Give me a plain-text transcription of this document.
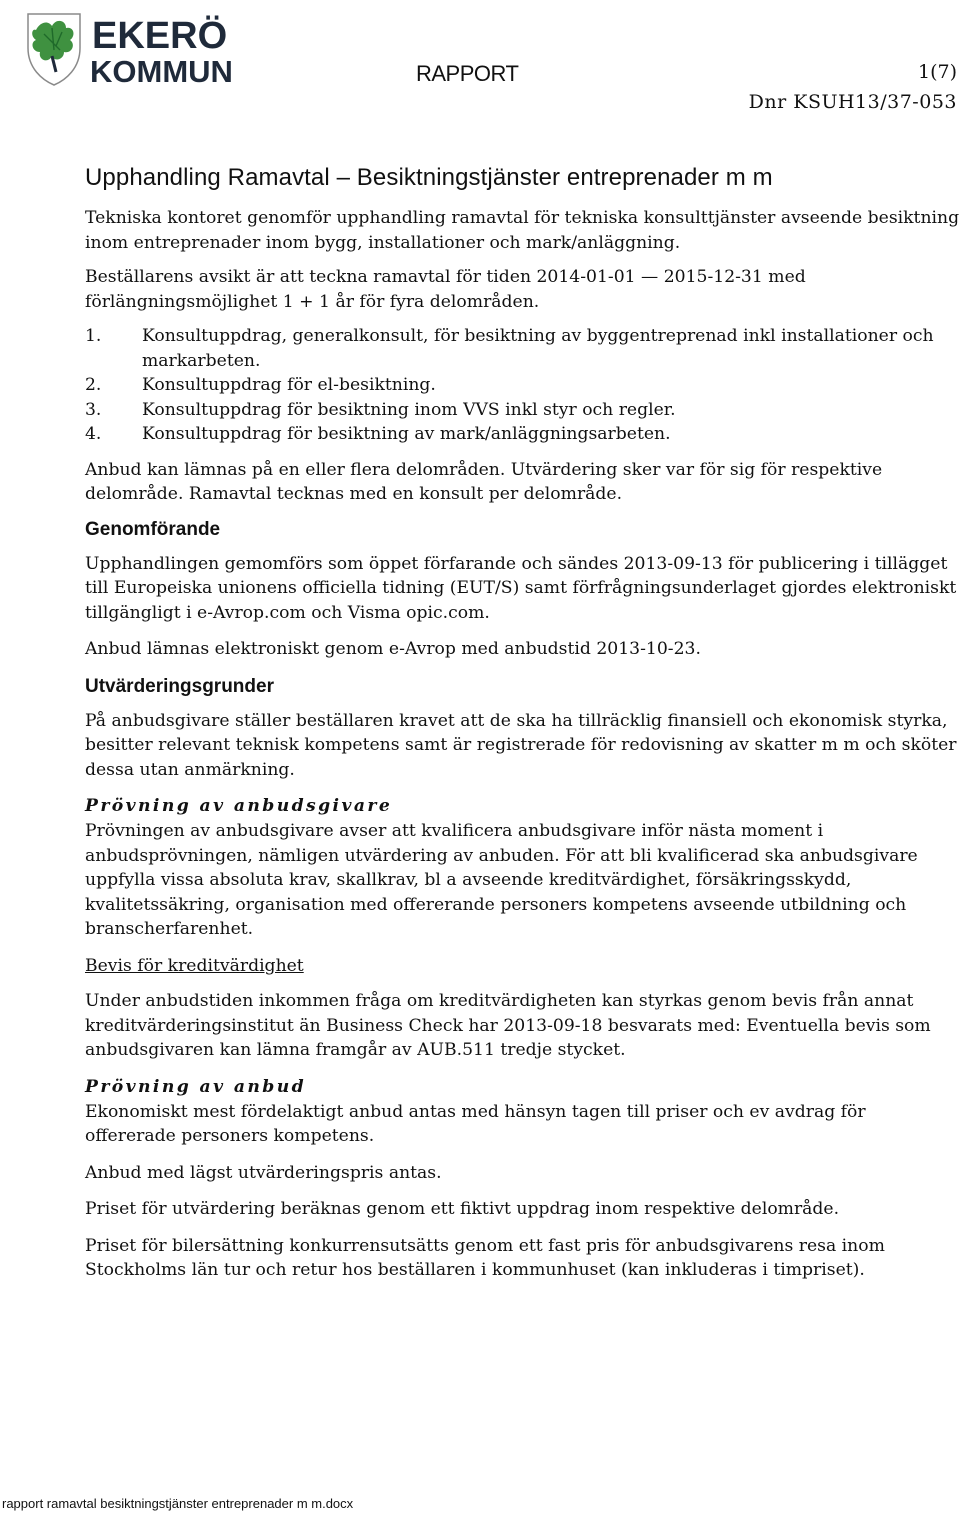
EKERÖ
KOMMUN	RAPPORT	1(7)
Dnr KSUH13/37-053
Upphandling Ramavtal – Besiktningstjänster entreprenader m m

Tekniska kontoret genomför upphandling ramavtal för tekniska konsulttjänster avseende besiktning inom entreprenader inom bygg, installationer och mark/anläggning.

Beställarens avsikt är att teckna ramavtal för tiden 2014-01-01 — 2015-12-31 med förlängningsmöjlighet 1 + 1 år för fyra delområden.

1. Konsultuppdrag, generalkonsult, för besiktning av byggentreprenad inkl installationer och markarbeten.
2. Konsultuppdrag för el-besiktning.
3. Konsultuppdrag för besiktning inom VVS inkl styr och regler.
4. Konsultuppdrag för besiktning av mark/anläggningsarbeten.

Anbud kan lämnas på en eller flera delområden. Utvärdering sker var för sig för respektive delområde. Ramavtal tecknas med en konsult per delområde.

Genomförande

Upphandlingen gemomförs som öppet förfarande och sändes 2013-09-13 för publicering i tillägget till Europeiska unionens officiella tidning (EUT/S) samt förfrågningsunderlaget gjordes elektroniskt tillgängligt i e-Avrop.com och Visma opic.com.

Anbud lämnas elektroniskt genom e-Avrop med anbudstid 2013-10-23.

Utvärderingsgrunder

På anbudsgivare ställer beställaren kravet att de ska ha tillräcklig finansiell och ekonomisk styrka, besitter relevant teknisk kompetens samt är registrerade för redovisning av skatter m m och sköter dessa utan anmärkning.

Prövning av anbudsgivare

Prövningen av anbudsgivare avser att kvalificera anbudsgivare inför nästa moment i anbudsprövningen, nämligen utvärdering av anbuden. För att bli kvalificerad ska anbudsgivare uppfylla vissa absoluta krav, skallkrav, bl a avseende kreditvärdighet, försäkringsskydd, kvalitetssäkring, organisation med offererande personers kompetens avseende utbildning och branscherfarenhet.

Bevis för kreditvärdighet

Under anbudstiden inkommen fråga om kreditvärdigheten kan styrkas genom bevis från annat kreditvärderingsinstitut än Business Check har 2013-09-18 besvarats med: Eventuella bevis som anbudsgivaren kan lämna framgår av AUB.511 tredje stycket.

Prövning av anbud

Ekonomiskt mest fördelaktigt anbud antas med hänsyn tagen till priser och ev avdrag för offererade personers kompetens.

Anbud med lägst utvärderingspris antas.

Priset för utvärdering beräknas genom ett fiktivt uppdrag inom respektive delområde.

Priset för bilersättning konkurrensutsätts genom ett fast pris för anbudsgivarens resa inom Stockholms län tur och retur hos beställaren i kommunhuset (kan inkluderas i timpriset).

rapport ramavtal besiktningstjänster entreprenader m m.docx
